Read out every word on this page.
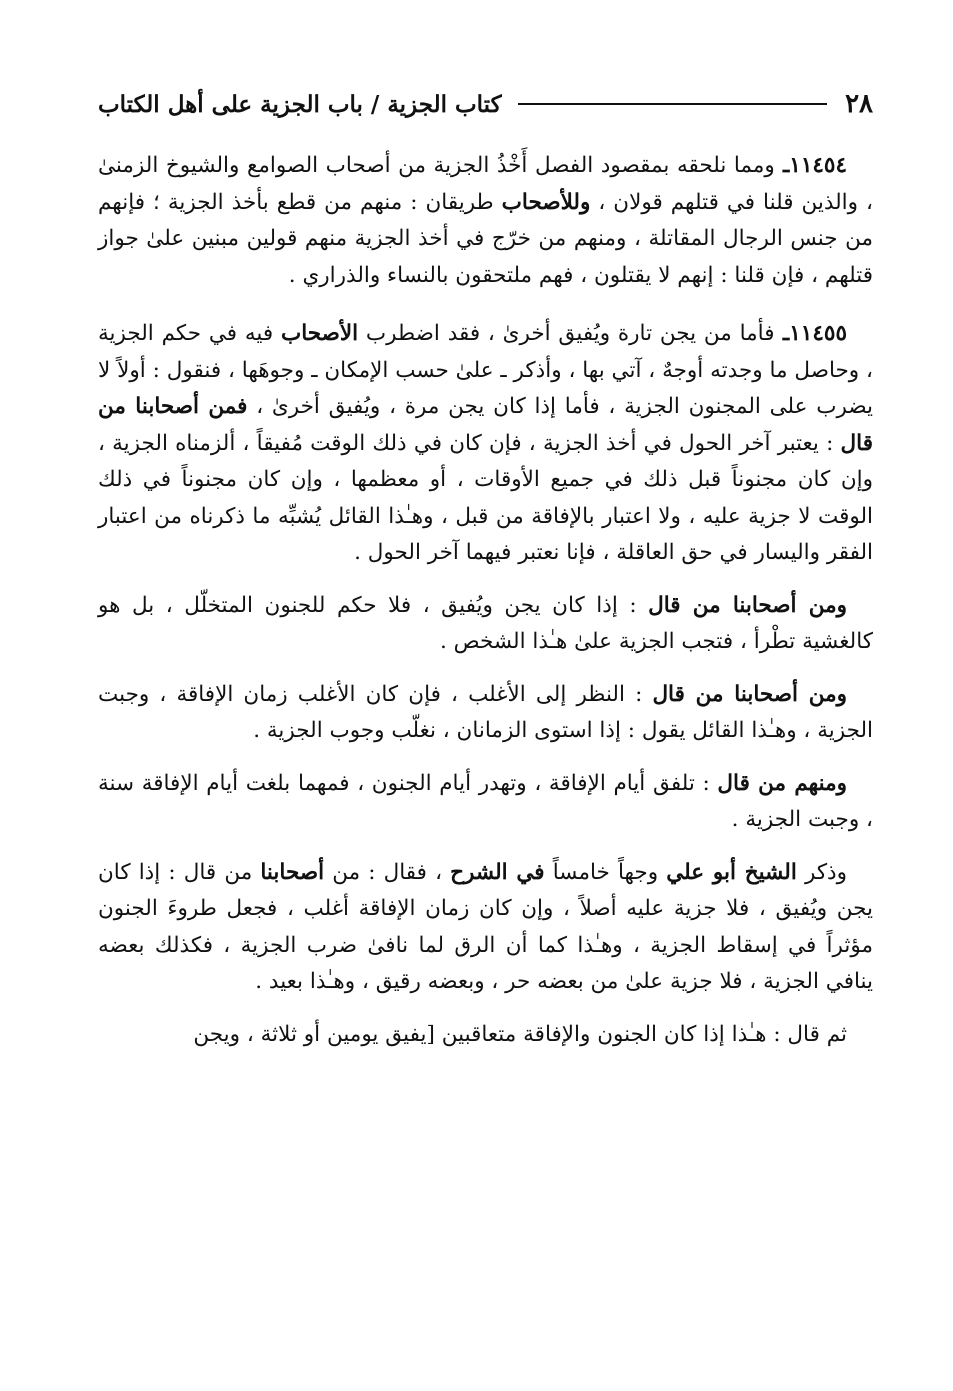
٢٨
كتاب الجزية / باب الجزية على أهل الكتاب

١١٤٥٤ـ ومما نلحقه بمقصود الفصل أَخْذُ الجزية من أصحاب الصوامع والشيوخ الزمنىٰ ، والذين قلنا في قتلهم قولان ، وللأصحاب طريقان : منهم من قطع بأخذ الجزية ؛ فإنهم من جنس الرجال المقاتلة ، ومنهم من خرّج في أخذ الجزية منهم قولين مبنين علىٰ جواز قتلهم ، فإن قلنا : إنهم لا يقتلون ، فهم ملتحقون بالنساء والذراري .

١١٤٥٥ـ فأما من يجن تارة ويُفيق أخرىٰ ، فقد اضطرب الأصحاب فيه في حكم الجزية ، وحاصل ما وجدته أوجهٌ ، آتي بها ، وأذكر ـ علىٰ حسب الإمكان ـ وجوهَها ، فنقول : أولاً لا يضرب على المجنون الجزية ، فأما إذا كان يجن مرة ، ويُفيق أخرىٰ ، فمن أصحابنا من قال : يعتبر آخر الحول في أخذ الجزية ، فإن كان في ذلك الوقت مُفيقاً ، ألزمناه الجزية ، وإن كان مجنوناً قبل ذلك في جميع الأوقات ، أو معظمها ، وإن كان مجنوناً في ذلك الوقت لا جزية عليه ، ولا اعتبار بالإفاقة من قبل ، وهـٰذا القائل يُشبِّه ما ذكرناه من اعتبار الفقر واليسار في حق العاقلة ، فإنا نعتبر فيهما آخر الحول .

ومن أصحابنا من قال : إذا كان يجن ويُفيق ، فلا حكم للجنون المتخلّل ، بل هو كالغشية تطْرأ ، فتجب الجزية علىٰ هـٰذا الشخص .

ومن أصحابنا من قال : النظر إلى الأغلب ، فإن كان الأغلب زمان الإفاقة ، وجبت الجزية ، وهـٰذا القائل يقول : إذا استوى الزمانان ، نغلّب وجوب الجزية .

ومنهم من قال : تلفق أيام الإفاقة ، وتهدر أيام الجنون ، فمهما بلغت أيام الإفاقة سنة ، وجبت الجزية .

وذكر الشيخ أبو علي وجهاً خامساً في الشرح ، فقال : من أصحابنا من قال : إذا كان يجن ويُفيق ، فلا جزية عليه أصلاً ، وإن كان زمان الإفاقة أغلب ، فجعل طروءَ الجنون مؤثراً في إسقاط الجزية ، وهـٰذا كما أن الرق لما نافىٰ ضرب الجزية ، فكذلك بعضه ينافي الجزية ، فلا جزية علىٰ من بعضه حر ، وبعضه رقيق ، وهـٰذا بعيد .

ثم قال : هـٰذا إذا كان الجنون والإفاقة متعاقبين [يفيق يومين أو ثلاثة ، ويجن
